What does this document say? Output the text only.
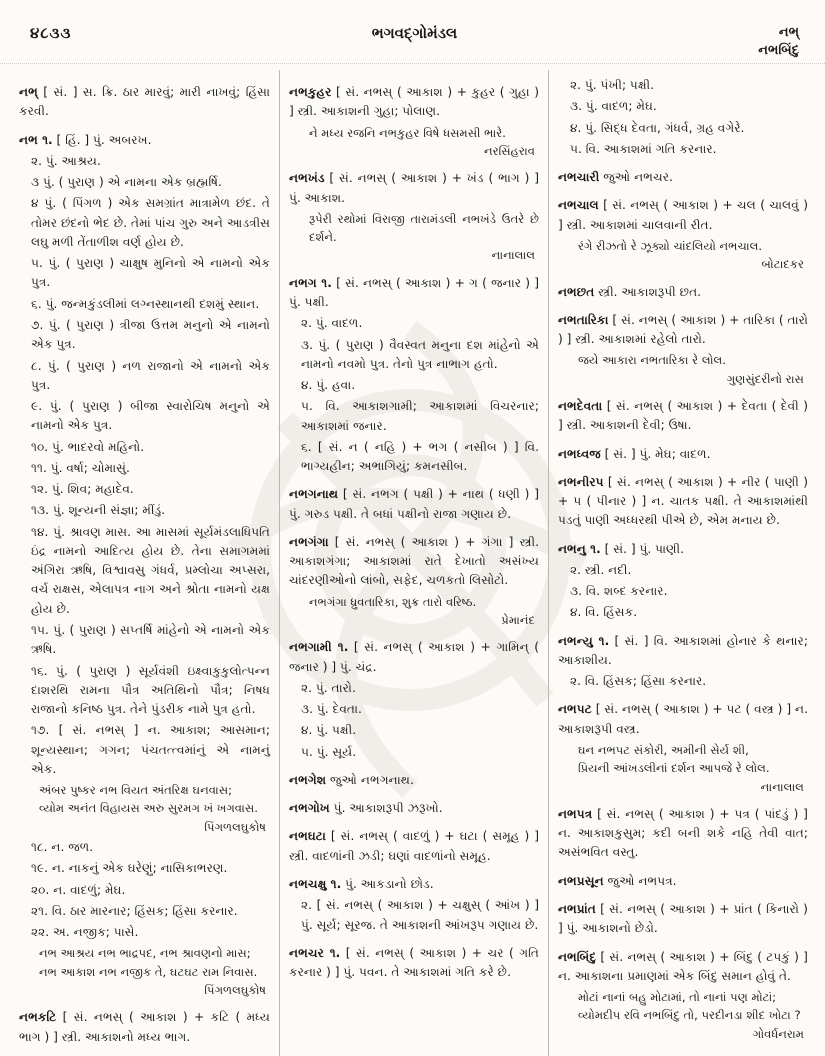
૪૮૩૩	ભગવદ્ગોમંડલ	નભ્
નભબિંદુ

નભ્ [ સં. ] સ. ક્રિ. ઠાર મારવું; મારી નાખવું; હિંસા કરવી.

નભ ૧. [ હિં. ] પું. અબરખ.

૨. પું. આશ્રય.

૩ પું. ( પુરાણ ) એ નામના એક બ્રહ્મર્ષિ.

૪ પું. ( પિંગળ ) એક સમગ્રાંત માત્રામેળ છંદ. તે તોમર છંદનો ભેદ છે. તેમાં પાંચ ગુરુ અને આડત્રીસ લઘુ મળી તેંતાળીશ વર્ણ હોય છે.

૫. પું. ( પુરાણ ) ચાક્ષુષ મુનિનો એ નામનો એક પુત્ર.

૬. પું. જન્મકુંડલીમાં લગ્નસ્થાનથી દશમું સ્થાન.

૭. પું. ( પુરાણ ) ત્રીજા ઉત્તમ મનુનો એ નામનો એક પુત્ર.

૮. પું. ( પુરાણ ) નળ રાજાનો એ નામનો એક પુત્ર.

૯. પું. ( પુરાણ ) બીજા સ્વારોચિષ મનુનો એ નામનો એક પુત્ર.

૧૦. પું. ભાદરવો મહિનો.

૧૧. પું. વર્ષા; ચોમાસું.

૧૨. પું. શિવ; મહાદેવ.

૧૩. પું. શૂન્યની સંજ્ઞા; મીંડું.

૧૪. પું. શ્રાવણ માસ. આ માસમાં સૂર્યમંડલાધિપતિ ઇંદ્ર નામનો આદિત્ય હોય છે. તેના સમાગમમાં અંગિરા ઋષિ, વિશ્વાવસુ ગંધર્વ, પ્રમ્લોચા અપ્સરા, વર્ચ રાક્ષસ, એલાપત્ર નાગ અને શ્રોતા નામનો યક્ષ હોય છે.

૧૫. પું. ( પુરાણ ) સપ્તર્ષિ માંહેનો એ નામનો એક ઋષિ.

૧૬. પું. ( પુરાણ ) સૂર્યવંશી ઇક્ષ્વાકુકુલોત્પન્ન દાશરથિ રામના પૌત્ર અતિથિનો પૌત્ર; નિષધ રાજાનો કનિષ્ઠ પુત્ર. તેને પુંડરીક નામે પુત્ર હતો.

૧૭. [ સં. નભસ્ ] ન. આકાશ; આસમાન; શૂન્યસ્થાન; ગગન; પંચતત્ત્વમાંનું એ નામનું એક.

અંબર પુષ્કર નભ વિયત અંતરિક્ષ ઘનવાસ;
વ્યોમ અનંત વિહાયસ અરુ સુરમગ ખં ખગવાસ.

પિંગળલઘુકોષ

૧૮. ન. જળ.

૧૯. ન. નાકનું એક ઘરેણું; નાસિકાભરણ.

૨૦. ન. વાદળું; મેઘ.

૨૧. વિ. ઠાર મારનાર; હિંસક; હિંસા કરનાર.

૨૨. અ. નજીક; પાસે.

નભ આશ્રય નભ ભાદ્રપદ, નભ શ્રાવણનો માસ;
નભ આકાશ નભ નજીક તે, ઘટઘટ રામ નિવાસ.

પિંગળલઘુકોષ

નભકટિ [ સં. નભસ્ ( આકાશ ) + કટિ ( મધ્ય ભાગ ) ] સ્ત્રી. આકાશનો મધ્ય ભાગ.

નભકુહર [ સં. નભસ્ ( આકાશ ) + કુહર ( ગુહા ) ] સ્ત્રી. આકાશની ગુહા; પોલાણ.

ને મધ્ય રજનિ નભકુહર વિષે ધસમસી ભારે.

નરસિંહરાવ

નભખંડ [ સં. નભસ્ ( આકાશ ) + ખંડ ( ભાગ ) ] પું. આકાશ.

રૂપેરી રથોમાં વિરાજી તારામંડલી નભખંડે ઉતરે છે દર્શને.

નાનાલાલ

નભગ ૧. [ સં. નભસ્ ( આકાશ ) + ગ ( જનાર ) ] પું. પક્ષી.

૨. પું. વાદળ.

૩. પું. ( પુરાણ ) વૈવસ્વત મનુના દશ માંહેનો એ નામનો નવમો પુત્ર. તેનો પુત્ર નાભાગ હતો.

૪. પું. હવા.

૫. વિ. આકાશગામી; આકાશમાં વિચરનાર; આકાશમાં જનાર.

૬. [ સં. ન ( નહિ ) + ભગ ( નસીબ ) ] વિ. ભાગ્યહીન; અભાગિયું; કમનસીબ.

નભગનાથ [ સં. નભગ ( પક્ષી ) + નાથ ( ધણી ) ] પું. ગરુડ પક્ષી. તે બધાં પક્ષીનો રાજા ગણાય છે.

નભગંગા [ સં. નભસ્ ( આકાશ ) + ગંગા ] સ્ત્રી. આકાશગંગા; આકાશમાં રાતે દેખાતો અસંખ્ય ચાંદરણીઓનો લાંબો, સફેદ, ચળકતો લિસોટો.

નભગંગા ધ્રુવતારિકા, શુક્ર તારો વરિષ્ઠ.

પ્રેમાનંદ

નભગામી ૧. [ સં. નભસ્ ( આકાશ ) + ગામિન્ ( જનાર ) ] પું. ચંદ્ર.

૨. પું. તારો.

૩. પું. દેવતા.

૪. પું. પક્ષી.

૫. પું. સૂર્ય.

નભગેશ જુઓ નભગનાથ.

નભગોખ પું. આકાશરૂપી ઝરૂખો.

નભઘટા [ સં. નભસ્ ( વાદળું ) + ઘટા ( સમૂહ ) ] સ્ત્રી. વાદળાંની ઝડી; ઘણાં વાદળાંનો સમૂહ.

નભચક્ષુ ૧. પું. આકડાનો છોડ.

૨. [ સં. નભસ્ ( આકાશ ) + ચક્ષુસ્ ( આંખ ) ] પું. સૂર્ય; સૂરજ. તે આકાશની આંખરૂપ ગણાય છે.

નભચર ૧. [ સં. નભસ્ ( આકાશ ) + ચર ( ગતિ કરનાર ) ] પું. પવન. તે આકાશમાં ગતિ કરે છે.

૨. પું. પંખી; પક્ષી.

૩. પું. વાદળ; મેઘ.

૪. પું. સિદ્ધ દેવતા, ગંધર્વ, ગ્રહ વગેરે.

૫. વિ. આકાશમાં ગતિ કરનાર.

નભચારી જુઓ નભચર.

નભચાલ [ સં. નભસ્ ( આકાશ ) + ચલ ( ચાલવું ) ] સ્ત્રી. આકાશમાં ચાલવાની રીત.

રંગે રીઝતો રે ઝૂક્યો ચાંદલિયો નભચાલ.

બોટાદકર

નભછત સ્ત્રી. આકાશરૂપી છત.

નભતારિકા [ સં. નભસ્ ( આકાશ ) + તારિકા ( તારો ) ] સ્ત્રી. આકાશમાં રહેલો તારો.

જયે આકારા નભતારિકા રે લોલ.

ગુણસુંદરીનો રાસ

નભદેવતા [ સં. નભસ્ ( આકાશ ) + દેવતા ( દેવી ) ] સ્ત્રી. આકાશની દેવી; ઉષા.

નભધ્વજ [ સં. ] પું. મેઘ; વાદળ.

નભનીરપ [ સં. નભસ્ ( આકાશ ) + નીર ( પાણી ) + પ ( પીનાર ) ] ન. ચાતક પક્ષી. તે આકાશમાંથી પડતું પાણી અધ્ધરથી પીએ છે, એમ મનાય છે.

નભનુ ૧. [ સં. ] પું. પાણી.

૨. સ્ત્રી. નદી.

૩. વિ. શબ્દ કરનાર.

૪. વિ. હિંસક.

નભન્યુ ૧. [ સં. ] વિ. આકાશમાં હોનાર કે થનાર; આકાશીય.

૨. વિ. હિંસક; હિંસા કરનાર.

નભપટ [ સં. નભસ્ ( આકાશ ) + પટ ( વસ્ત્ર ) ] ન. આકાશરૂપી વસ્ત્ર.

ઘન નભપટ સંકોરી, અમીની સેર્ય શી,
પ્રિયની આંખડલીનાં દર્શન આપજે રે લોલ.

નાનાલાલ

નભપત્ર [ સં. નભસ્ ( આકાશ ) + પત્ર ( પાંદડું ) ] ન. આકાશકુસુમ; કદી બની શકે નહિ તેવી વાત; અસંભવિત વસ્તુ.

નભપ્રસૂન જુઓ નભપત્ર.

નભપ્રાંત [ સં. નભસ્ ( આકાશ ) + પ્રાંત ( કિનારો ) ] પું. આકાશનો છેડો.

નભબિંદુ [ સં. નભસ્ ( આકાશ ) + બિંદુ ( ટપકું ) ] ન. આકાશના પ્રમાણમાં એક બિંદુ સમાન હોવું તે.

મોટાં નાનાં બહુ મોટામાં, તો નાનાં પણ મોટાં;
વ્યોમદીપ રવિ નભબિંદુ તો, પરદીનડા શીદ ખોટા ?

ગોવર્ધનરામ
